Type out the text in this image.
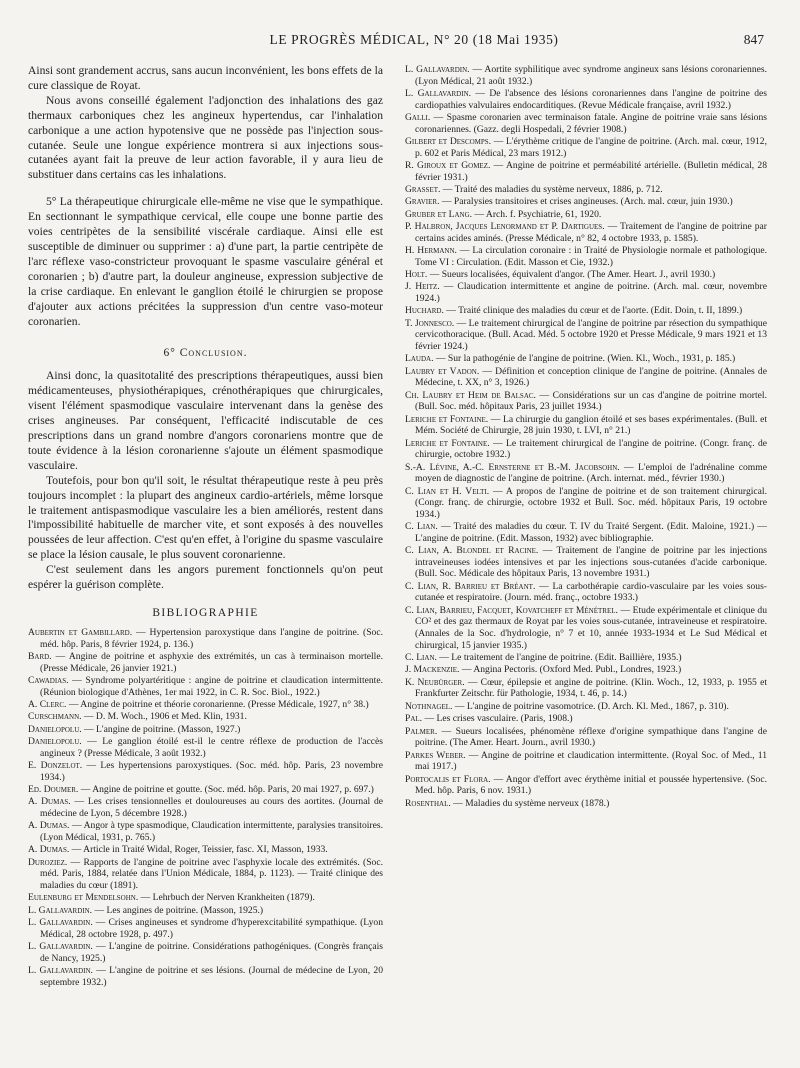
LE PROGRÈS MÉDICAL, N° 20 (18 Mai 1935)	847

Ainsi sont grandement accrus, sans aucun inconvénient, les bons effets de la cure classique de Royat.

Nous avons conseillé également l'adjonction des inhalations des gaz thermaux carboniques chez les angineux hypertendus, car l'inhalation carbonique a une action hypotensive que ne possède pas l'injection sous-cutanée. Seule une longue expérience montrera si aux injections sous-cutanées ayant fait la preuve de leur action favorable, il y aura lieu de substituer dans certains cas les inhalations.

5° La thérapeutique chirurgicale elle-même ne vise que le sympathique. En sectionnant le sympathique cervical, elle coupe une bonne partie des voies centripètes de la sensibilité viscérale cardiaque. Ainsi elle est susceptible de diminuer ou supprimer : a) d'une part, la partie centripète de l'arc réflexe vaso-constricteur provoquant le spasme vasculaire général et coronarien ; b) d'autre part, la douleur angineuse, expression subjective de la crise cardiaque. En enlevant le ganglion étoilé le chirurgien se propose d'ajouter aux actions précitées la suppression d'un centre vaso-moteur coronarien.

6° Conclusion.

Ainsi donc, la quasitotalité des prescriptions thérapeutiques, aussi bien médicamenteuses, physiothérapiques, crénothérapiques que chirurgicales, visent l'élément spasmodique vasculaire intervenant dans la genèse des crises angineuses. Par conséquent, l'efficacité indiscutable de ces prescriptions dans un grand nombre d'angors coronariens montre que de toute évidence à la lésion coronarienne s'ajoute un élément spasmodique vasculaire.

Toutefois, pour bon qu'il soit, le résultat thérapeutique reste à peu près toujours incomplet : la plupart des angineux cardio-artériels, même lorsque le traitement antispasmodique vasculaire les a bien améliorés, restent dans l'impossibilité habituelle de marcher vite, et sont exposés à des nouvelles poussées de leur affection. C'est qu'en effet, à l'origine du spasme vasculaire se place la lésion causale, le plus souvent coronarienne.

C'est seulement dans les angors purement fonctionnels qu'on peut espérer la guérison complète.

BIBLIOGRAPHIE

Aubertin et Gambillard. — Hypertension paroxystique dans l'angine de poitrine. (Soc. méd. hôp. Paris, 8 février 1924, p. 136.)

Bard. — Angine de poitrine et asphyxie des extrémités, un cas à terminaison mortelle. (Presse Médicale, 26 janvier 1921.)

Cawadias. — Syndrome polyartéritique : angine de poitrine et claudication intermittente. (Réunion biologique d'Athènes, 1er mai 1922, in C. R. Soc. Biol., 1922.)

A. Clerc. — Angine de poitrine et théorie coronarienne. (Presse Médicale, 1927, n° 38.)

Curschmann. — D. M. Woch., 1906 et Med. Klin, 1931.

Danielopolu. — L'angine de poitrine. (Masson, 1927.)

Danielopolu. — Le ganglion étoilé est-il le centre réflexe de production de l'accès angineux ? (Presse Médicale, 3 août 1932.)

E. Donzelot. — Les hypertensions paroxystiques. (Soc. méd. hôp. Paris, 23 novembre 1934.)

Ed. Doumer. — Angine de poitrine et goutte. (Soc. méd. hôp. Paris, 20 mai 1927, p. 697.)

A. Dumas. — Les crises tensionnelles et douloureuses au cours des aortites. (Journal de médecine de Lyon, 5 décembre 1928.)

A. Dumas. — Angor à type spasmodique, Claudication intermittente, paralysies transitoires. (Lyon Médical, 1931, p. 765.)

A. Dumas. — Article in Traité Widal, Roger, Teissier, fasc. XI, Masson, 1933.

Duroziez. — Rapports de l'angine de poitrine avec l'asphyxie locale des extrémités. (Soc. méd. Paris, 1884, relatée dans l'Union Médicale, 1884, p. 1123). — Traité clinique des maladies du cœur (1891).

Eulenburg et Mendelsohn. — Lehrbuch der Nerven Krankheiten (1879).

L. Gallavardin. — Les angines de poitrine. (Masson, 1925.)

L. Gallavardin. — Crises angineuses et syndrome d'hyperexcitabilité sympathique. (Lyon Médical, 28 octobre 1928, p. 497.)

L. Gallavardin. — L'angine de poitrine. Considérations pathogéniques. (Congrès français de Nancy, 1925.)

L. Gallavardin. — L'angine de poitrine et ses lésions. (Journal de médecine de Lyon, 20 septembre 1932.)

L. Gallavardin. — Aortite syphilitique avec syndrome angineux sans lésions coronariennes. (Lyon Médical, 21 août 1932.)

L. Gallavardin. — De l'absence des lésions coronariennes dans l'angine de poitrine des cardiopathies valvulaires endocarditiques. (Revue Médicale française, avril 1932.)

Galli. — Spasme coronarien avec terminaison fatale. Angine de poitrine vraie sans lésions coronariennes. (Gazz. degli Hospedali, 2 février 1908.)

Gilbert et Descomps. — L'érythème critique de l'angine de poitrine. (Arch. mal. cœur, 1912, p. 602 et Paris Médical, 23 mars 1912.)

R. Giroux et Gomez. — Angine de poitrine et perméabilité artérielle. (Bulletin médical, 28 février 1931.)

Grasset. — Traité des maladies du système nerveux, 1886, p. 712.

Gravier. — Paralysies transitoires et crises angineuses. (Arch. mal. cœur, juin 1930.)

Gruber et Lang. — Arch. f. Psychiatrie, 61, 1920.

P. Halbron, Jacques Lenormand et P. Dartigues. — Traitement de l'angine de poitrine par certains acides aminés. (Presse Médicale, n° 82, 4 octobre 1933, p. 1585).

H. Hermann. — La circulation coronaire : in Traité de Physiologie normale et pathologique. Tome VI : Circulation. (Edit. Masson et Cie, 1932.)

Holt. — Sueurs localisées, équivalent d'angor. (The Amer. Heart. J., avril 1930.)

J. Heitz. — Claudication intermittente et angine de poitrine. (Arch. mal. cœur, novembre 1924.)

Huchard. — Traité clinique des maladies du cœur et de l'aorte. (Edit. Doin, t. II, 1899.)

T. Jonnesco. — Le traitement chirurgical de l'angine de poitrine par résection du sympathique cervicothoracique. (Bull. Acad. Méd. 5 octobre 1920 et Presse Médicale, 9 mars 1921 et 13 février 1924.)

Lauda. — Sur la pathogénie de l'angine de poitrine. (Wien. Kl., Woch., 1931, p. 185.)

Laubry et Vadon. — Définition et conception clinique de l'angine de poitrine. (Annales de Médecine, t. XX, n° 3, 1926.)

Ch. Laubry et Heim de Balsac. — Considérations sur un cas d'angine de poitrine mortel. (Bull. Soc. méd. hôpitaux Paris, 23 juillet 1934.)

Leriche et Fontaine. — La chirurgie du ganglion étoilé et ses bases expérimentales. (Bull. et Mém. Société de Chirurgie, 28 juin 1930, t. LVI, n° 21.)

Leriche et Fontaine. — Le traitement chirurgical de l'angine de poitrine. (Congr. franç. de chirurgie, octobre 1932.)

S.-A. Lévine, A.-C. Ernsterne et B.-M. Jacobsohn. — L'emploi de l'adrénaline comme moyen de diagnostic de l'angine de poitrine. (Arch. internat. méd., février 1930.)

C. Lian et H. Velti. — A propos de l'angine de poitrine et de son traitement chirurgical. (Congr. franç. de chirurgie, octobre 1932 et Bull. Soc. méd. hôpitaux Paris, 19 octobre 1934.)

C. Lian. — Traité des maladies du cœur. T. IV du Traité Sergent. (Edit. Maloine, 1921.) — L'angine de poitrine. (Edit. Masson, 1932) avec bibliographie.

C. Lian, A. Blondel et Racine. — Traitement de l'angine de poitrine par les injections intraveineuses iodées intensives et par les injections sous-cutanées d'acide carbonique. (Bull. Soc. Médicale des hôpitaux Paris, 13 novembre 1931.)

C. Lian, R. Barrieu et Bréant. — La carbothérapie cardio-vasculaire par les voies sous-cutanée et respiratoire. (Journ. méd. franç., octobre 1933.)

C. Lian, Barrieu, Facquet, Kovatcheff et Ménétrel. — Etude expérimentale et clinique du CO² et des gaz thermaux de Royat par les voies sous-cutanée, intraveineuse et respiratoire. (Annales de la Soc. d'hydrologie, n° 7 et 10, année 1933-1934 et Le Sud Médical et chirurgical, 15 janvier 1935.)

C. Lian. — Le traitement de l'angine de poitrine. (Edit. Baillière, 1935.)

J. Mackenzie. — Angina Pectoris. (Oxford Med. Publ., Londres, 1923.)

K. Neubürger. — Cœur, épilepsie et angine de poitrine. (Klin. Woch., 12, 1933, p. 1955 et Frankfurter Zeitschr. für Pathologie, 1934, t. 46, p. 14.)

Nothnagel. — L'angine de poitrine vasomotrice. (D. Arch. Kl. Med., 1867, p. 310).

Pal. — Les crises vasculaire. (Paris, 1908.)

Palmer. — Sueurs localisées, phénomène réflexe d'origine sympathique dans l'angine de poitrine. (The Amer. Heart. Journ., avril 1930.)

Parkes Weber. — Angine de poitrine et claudication intermittente. (Royal Soc. of Med., 11 mai 1917.)

Portocalis et Flora. — Angor d'effort avec érythème initial et poussée hypertensive. (Soc. Med. hôp. Paris, 6 nov. 1931.)

Rosenthal. — Maladies du système nerveux (1878.)
